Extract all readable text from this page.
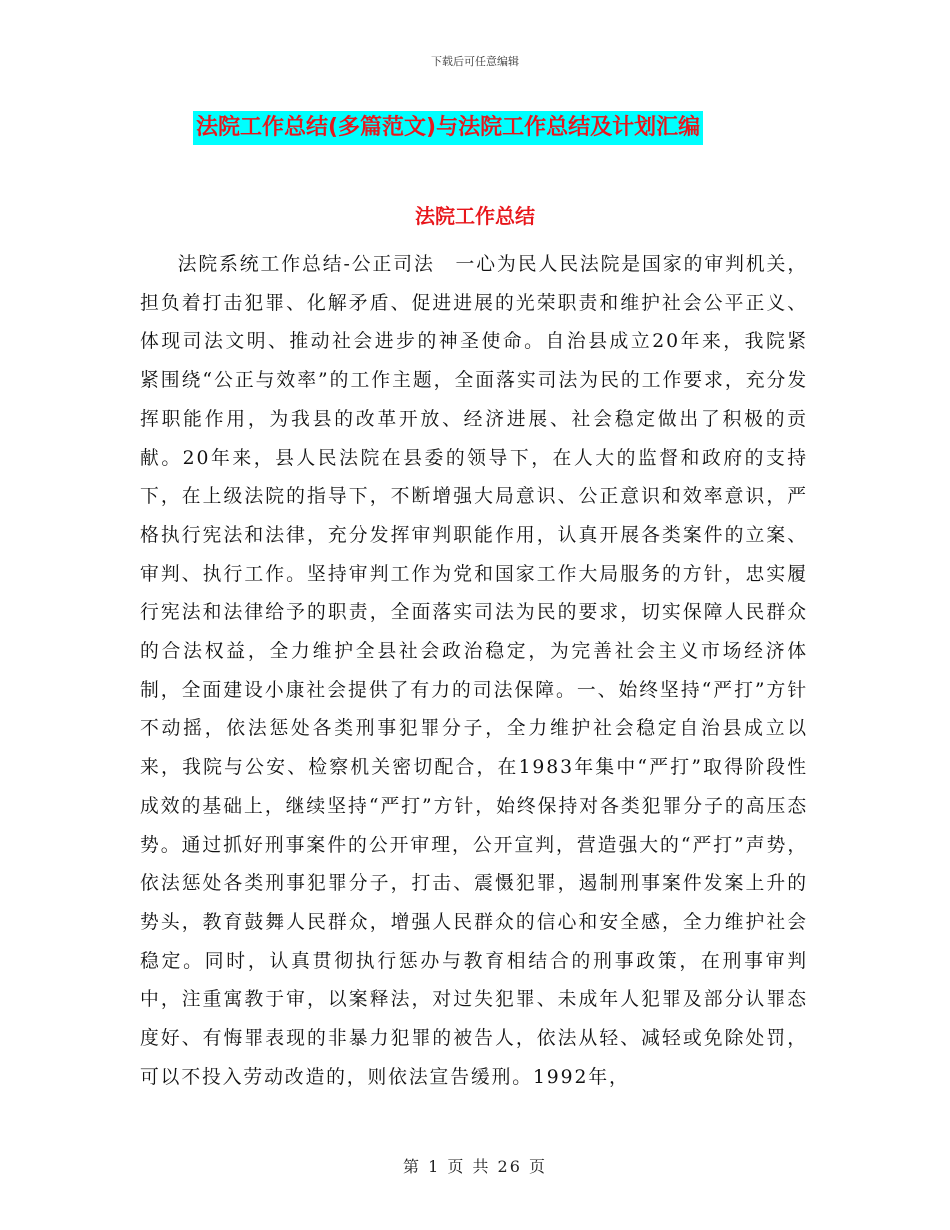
下载后可任意编辑
法院工作总结(多篇范文)与法院工作总结及计划汇编
法院工作总结

法院系统工作总结-公正司法　一心为民人民法院是国家的审判机关，担负着打击犯罪、化解矛盾、促进进展的光荣职责和维护社会公平正义、体现司法文明、推动社会进步的神圣使命。自治县成立20年来，我院紧紧围绕“公正与效率”的工作主题，全面落实司法为民的工作要求，充分发挥职能作用，为我县的改革开放、经济进展、社会稳定做出了积极的贡献。20年来，县人民法院在县委的领导下，在人大的监督和政府的支持下，在上级法院的指导下，不断增强大局意识、公正意识和效率意识，严格执行宪法和法律，充分发挥审判职能作用，认真开展各类案件的立案、审判、执行工作。坚持审判工作为党和国家工作大局服务的方针，忠实履行宪法和法律给予的职责，全面落实司法为民的要求，切实保障人民群众的合法权益，全力维护全县社会政治稳定，为完善社会主义市场经济体制，全面建设小康社会提供了有力的司法保障。一、始终坚持“严打”方针不动摇，依法惩处各类刑事犯罪分子，全力维护社会稳定自治县成立以来，我院与公安、检察机关密切配合，在1983年集中“严打”取得阶段性成效的基础上，继续坚持“严打”方针，始终保持对各类犯罪分子的高压态势。通过抓好刑事案件的公开审理，公开宣判，营造强大的“严打”声势，依法惩处各类刑事犯罪分子，打击、震慑犯罪，遏制刑事案件发案上升的势头，教育鼓舞人民群众，增强人民群众的信心和安全感，全力维护社会稳定。同时，认真贯彻执行惩办与教育相结合的刑事政策，在刑事审判中，注重寓教于审，以案释法，对过失犯罪、未成年人犯罪及部分认罪态度好、有悔罪表现的非暴力犯罪的被告人，依法从轻、减轻或免除处罚，可以不投入劳动改造的，则依法宣告缓刑。1992年，

第 1 页 共 26 页
